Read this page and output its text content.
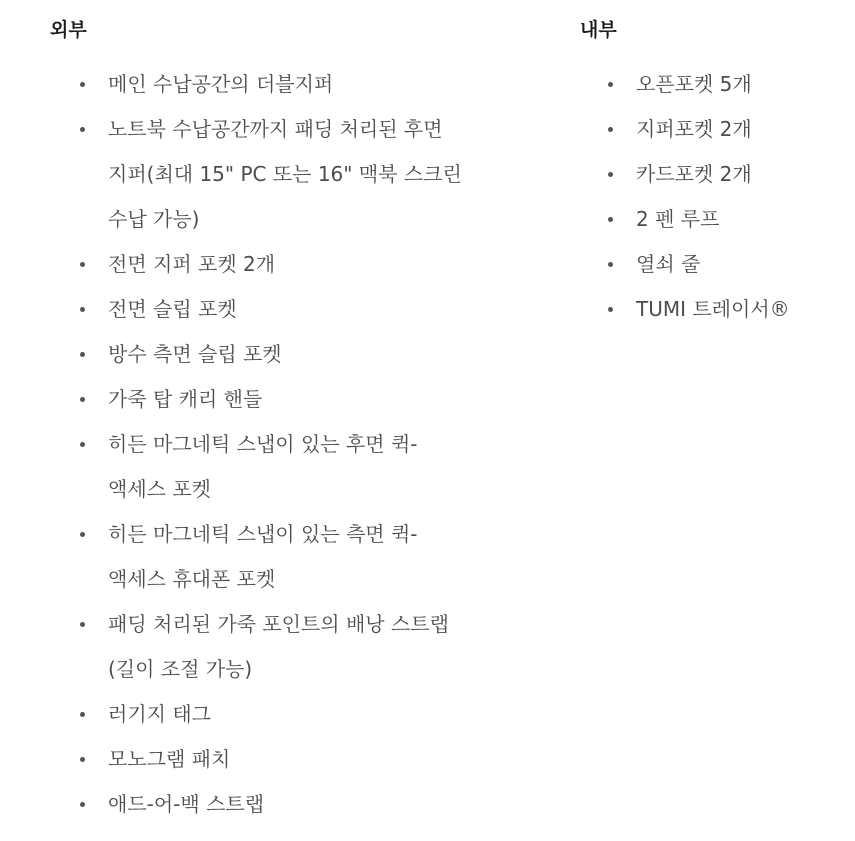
외부
메인 수납공간의 더블지퍼
노트북 수납공간까지 패딩 처리된 후면
지퍼(최대 15" PC 또는 16" 맥북 스크린
수납 가능)
전면 지퍼 포켓 2개
전면 슬립 포켓
방수 측면 슬립 포켓
가죽 탑 캐리 핸들
히든 마그네틱 스냅이 있는 후면 퀵-
액세스 포켓
히든 마그네틱 스냅이 있는 측면 퀵-
액세스 휴대폰 포켓
패딩 처리된 가죽 포인트의 배낭 스트랩
(길이 조절 가능)
러기지 태그
모노그램 패치
애드-어-백 스트랩
내부
오픈포켓 5개
지퍼포켓 2개
카드포켓 2개
2 펜 루프
열쇠 줄
TUMI 트레이서®
